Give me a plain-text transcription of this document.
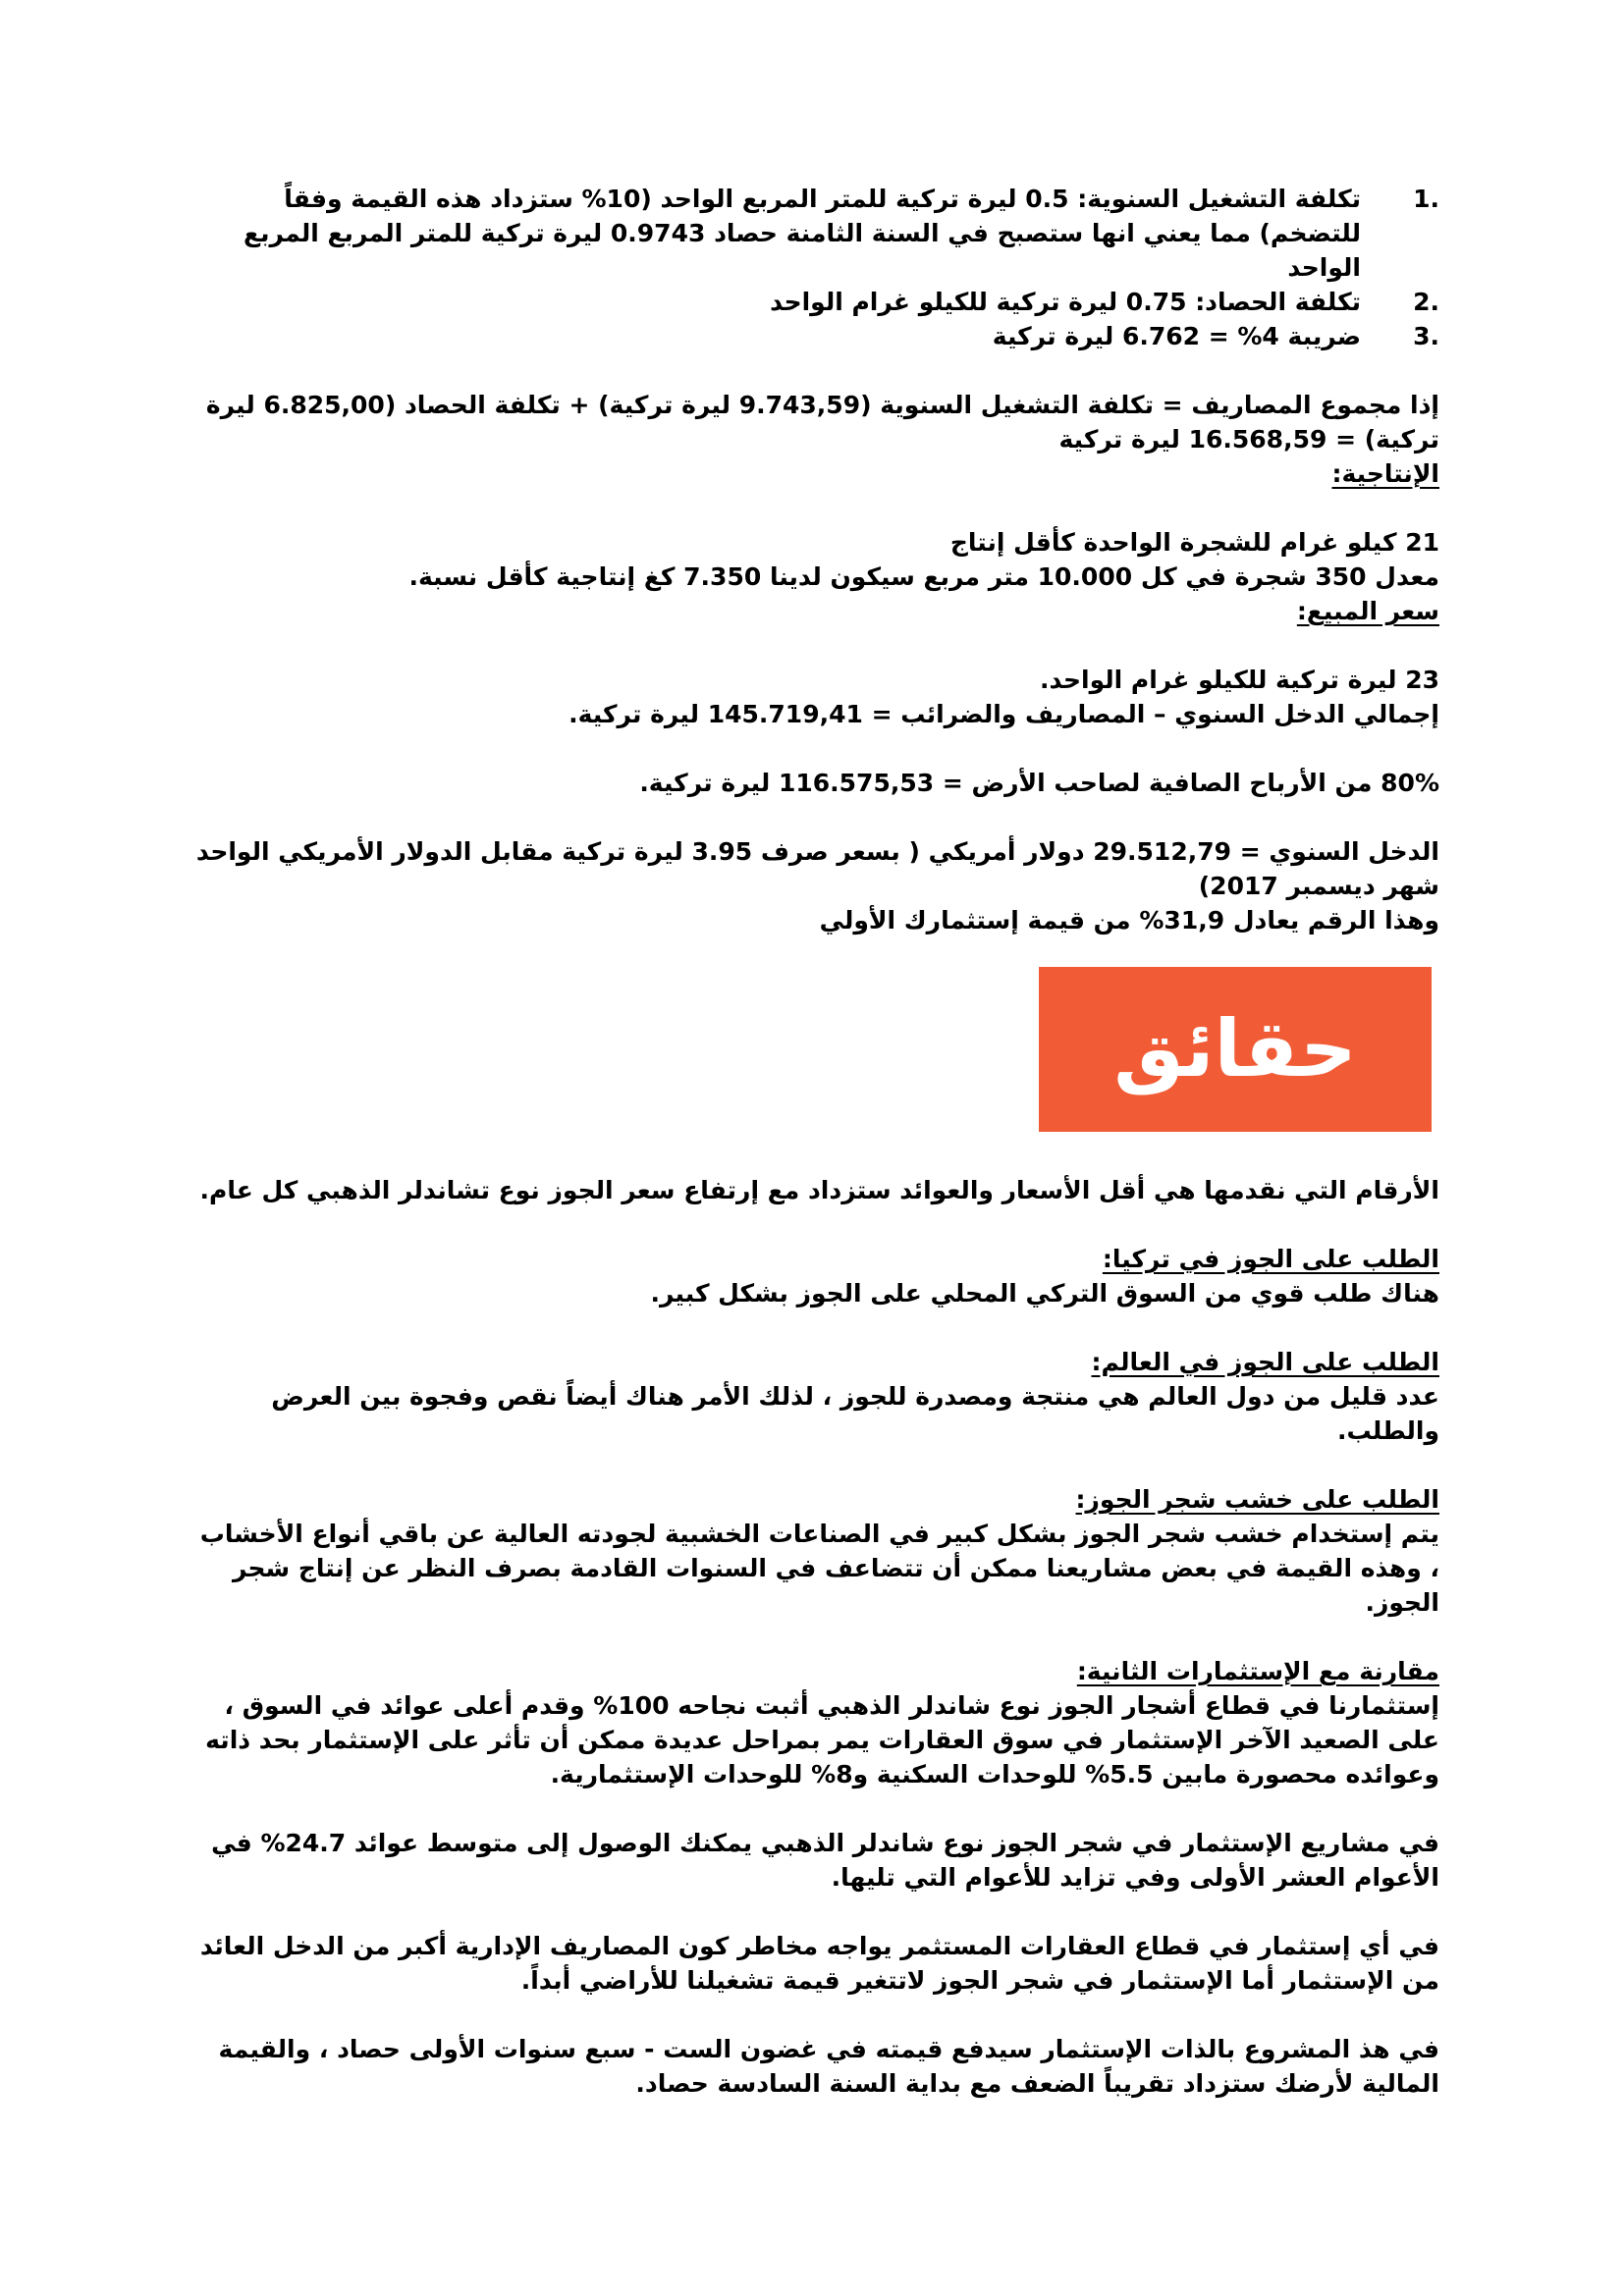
1.
تكلفة التشغيل السنوية: 0.5 ليرة تركية للمتر المربع الواحد (10% ستزداد هذه القيمة وفقاً للتضخم) مما يعني انها ستصبح في السنة الثامنة حصاد 0.9743 ليرة تركية للمتر المربع المربع الواحد
2.
تكلفة الحصاد: 0.75 ليرة تركية للكيلو غرام الواحد
3.
ضريبة 4% = 6.762 ليرة تركية

إذا مجموع المصاريف = تكلفة التشغيل السنوية (9.743,59 ليرة تركية) + تكلفة الحصاد (6.825,00 ليرة تركية) = 16.568,59 ليرة تركية

الإنتاجية:

21 كيلو غرام للشجرة الواحدة كأقل إنتاج

معدل 350 شجرة في كل 10.000 متر مربع سيكون لدينا 7.350 كغ إنتاجية كأقل نسبة.

سعر المبيع:

23 ليرة تركية للكيلو غرام الواحد.

إجمالي الدخل السنوي – المصاريف والضرائب = 145.719,41 ليرة تركية.

80% من الأرباح الصافية لصاحب الأرض = 116.575,53 ليرة تركية.

الدخل السنوي = 29.512,79 دولار أمريكي ( بسعر صرف 3.95 ليرة تركية مقابل الدولار الأمريكي الواحد شهر ديسمبر 2017)

وهذا الرقم يعادل 31,9% من قيمة إستثمارك الأولي

حقائق

الأرقام التي نقدمها هي أقل الأسعار والعوائد ستزداد مع إرتفاع سعر الجوز نوع تشاندلر الذهبي كل عام.

الطلب على الجوز في تركيا:

هناك طلب قوي من السوق التركي المحلي على الجوز بشكل كبير.

الطلب على الجوز في العالم:

عدد قليل من دول العالم هي منتجة ومصدرة للجوز ، لذلك الأمر هناك أيضاً نقص وفجوة بين العرض والطلب.

الطلب على خشب شجر الجوز:

يتم إستخدام خشب شجر الجوز بشكل كبير في الصناعات الخشبية لجودته العالية عن باقي أنواع الأخشاب ، وهذه القيمة في بعض مشاريعنا ممكن أن تتضاعف في السنوات القادمة بصرف النظر عن إنتاج شجر الجوز.

مقارنة مع الإستثمارات الثانية:

إستثمارنا في قطاع أشجار الجوز نوع شاندلر الذهبي أثبت نجاحه 100% وقدم أعلى عوائد في السوق ، على الصعيد الآخر الإستثمار في سوق العقارات يمر بمراحل عديدة ممكن أن تأثر على الإستثمار بحد ذاته وعوائده محصورة مابين 5.5% للوحدات السكنية و8% للوحدات الإستثمارية.

في مشاريع الإستثمار في شجر الجوز نوع شاندلر الذهبي يمكنك الوصول إلى متوسط عوائد 24.7% في الأعوام العشر الأولى وفي تزايد للأعوام التي تليها.

في أي إستثمار في قطاع العقارات المستثمر يواجه مخاطر كون المصاريف الإدارية أكبر من الدخل العائد من الإستثمار أما الإستثمار في شجر الجوز لاتتغير قيمة تشغيلنا للأراضي أبداً.

في هذ المشروع بالذات الإستثمار سيدفع قيمته في غضون الست - سبع سنوات الأولى حصاد ، والقيمة المالية لأرضك ستزداد تقريباً الضعف مع بداية السنة السادسة حصاد.
